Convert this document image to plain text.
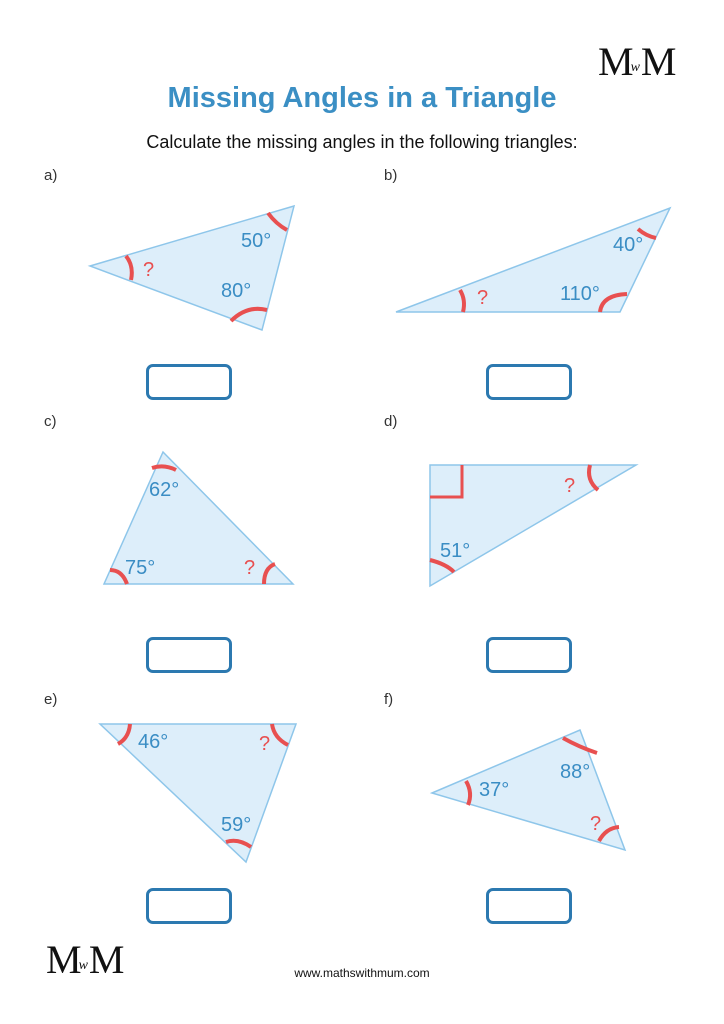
MwM
Missing Angles in a Triangle
Calculate the missing angles in the following triangles:
a)	b)
c)	d)
e)	f)
50°
80°
?
40°
110°
?
62°
75°	?
51°
?
46°
59°
?
37°
88°
?
MwM	www.mathswithmum.com
